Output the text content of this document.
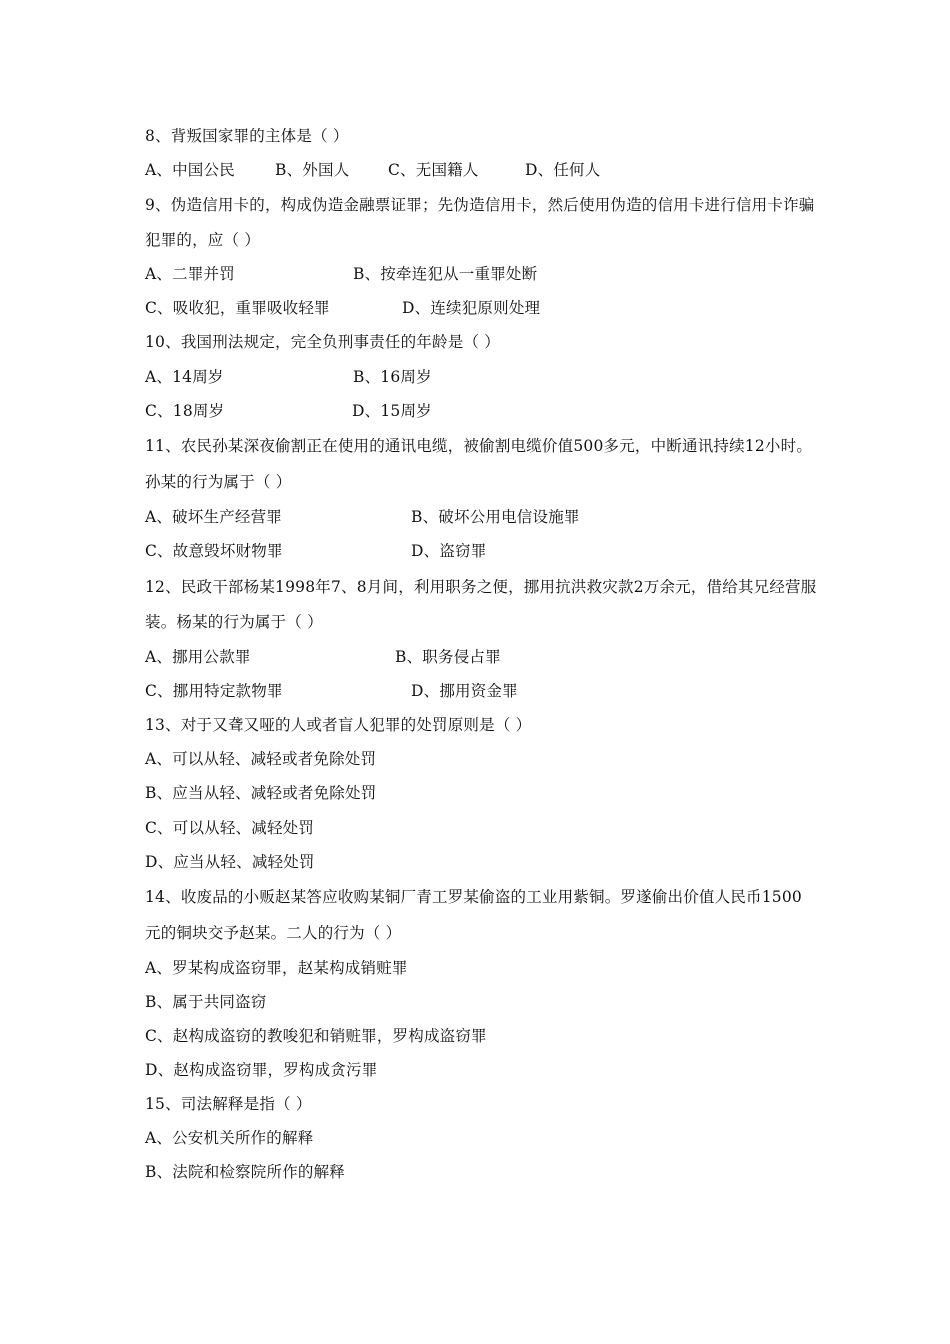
8、背叛国家罪的主体是（ ）
A、中国公民	B、外国人 C、无国籍人	D、任何人
9、伪造信用卡的，构成伪造金融票证罪；先伪造信用卡，然后使用伪造的信用卡进行信用卡诈骗
犯罪的，应（ ）
A、二罪并罚	B、按牵连犯从一重罪处断
C、吸收犯，重罪吸收轻罪	D、连续犯原则处理
10、我国刑法规定，完全负刑事责任的年龄是（ ）
A、14周岁	B、16周岁
C、18周岁	D、15周岁
11、农民孙某深夜偷割正在使用的通讯电缆，被偷割电缆价值500多元，中断通讯持续12小时。
孙某的行为属于（ ）
A、破坏生产经营罪	B、破坏公用电信设施罪
C、故意毁坏财物罪	D、盗窃罪
12、民政干部杨某1998年7、8月间，利用职务之便，挪用抗洪救灾款2万余元，借给其兄经营服
装。杨某的行为属于（ ）
A、挪用公款罪	B、职务侵占罪
C、挪用特定款物罪	D、挪用资金罪
13、对于又聋又哑的人或者盲人犯罪的处罚原则是（ ）
A、可以从轻、减轻或者免除处罚
B、应当从轻、减轻或者免除处罚
C、可以从轻、减轻处罚
D、应当从轻、减轻处罚
14、收废品的小贩赵某答应收购某铜厂青工罗某偷盗的工业用紫铜。罗遂偷出价值人民币1500
元的铜块交予赵某。二人的行为（ ）
A、罗某构成盗窃罪，赵某构成销赃罪
B、属于共同盗窃
C、赵构成盗窃的教唆犯和销赃罪，罗构成盗窃罪
D、赵构成盗窃罪，罗构成贪污罪
15、司法解释是指（ ）
A、公安机关所作的解释
B、法院和检察院所作的解释
